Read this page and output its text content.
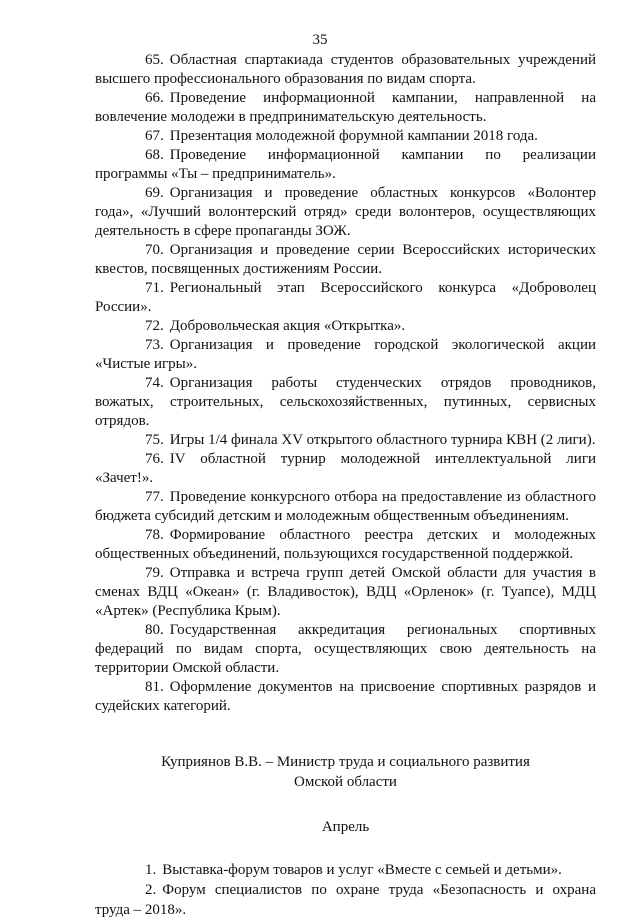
35

65. Областная спартакиада студентов образовательных учреждений высшего профессионального образования по видам спорта.

66. Проведение информационной кампании, направленной на вовлечение молодежи в предпринимательскую деятельность.

67. Презентация молодежной форумной кампании 2018 года.

68. Проведение информационной кампании по реализации программы «Ты – предприниматель».

69. Организация и проведение областных конкурсов «Волонтер года», «Лучший волонтерский отряд» среди волонтеров, осуществляющих деятельность в сфере пропаганды ЗОЖ.

70. Организация и проведение серии Всероссийских исторических квестов, посвященных достижениям России.

71. Региональный этап Всероссийского конкурса «Доброволец России».

72. Добровольческая акция «Открытка».

73. Организация и проведение городской экологической акции «Чистые игры».

74. Организация работы студенческих отрядов проводников, вожатых, строительных, сельскохозяйственных, путинных, сервисных отрядов.

75. Игры 1/4 финала XV открытого областного турнира КВН (2 лиги).

76. IV областной турнир молодежной интеллектуальной лиги «Зачет!».

77. Проведение конкурсного отбора на предоставление из областного бюджета субсидий детским и молодежным общественным объединениям.

78. Формирование областного реестра детских и молодежных общественных объединений, пользующихся государственной поддержкой.

79. Отправка и встреча групп детей Омской области для участия в сменах ВДЦ «Океан» (г. Владивосток), ВДЦ «Орленок» (г. Туапсе), МДЦ «Артек» (Республика Крым).

80. Государственная аккредитация региональных спортивных федераций по видам спорта, осуществляющих свою деятельность на территории Омской области.

81. Оформление документов на присвоение спортивных разрядов и судейских категорий.

Куприянов В.В. – Министр труда и социального развития
Омской области
Апрель

1. Выставка-форум товаров и услуг «Вместе с семьей и детьми».

2. Форум специалистов по охране труда «Безопасность и охрана труда – 2018».
